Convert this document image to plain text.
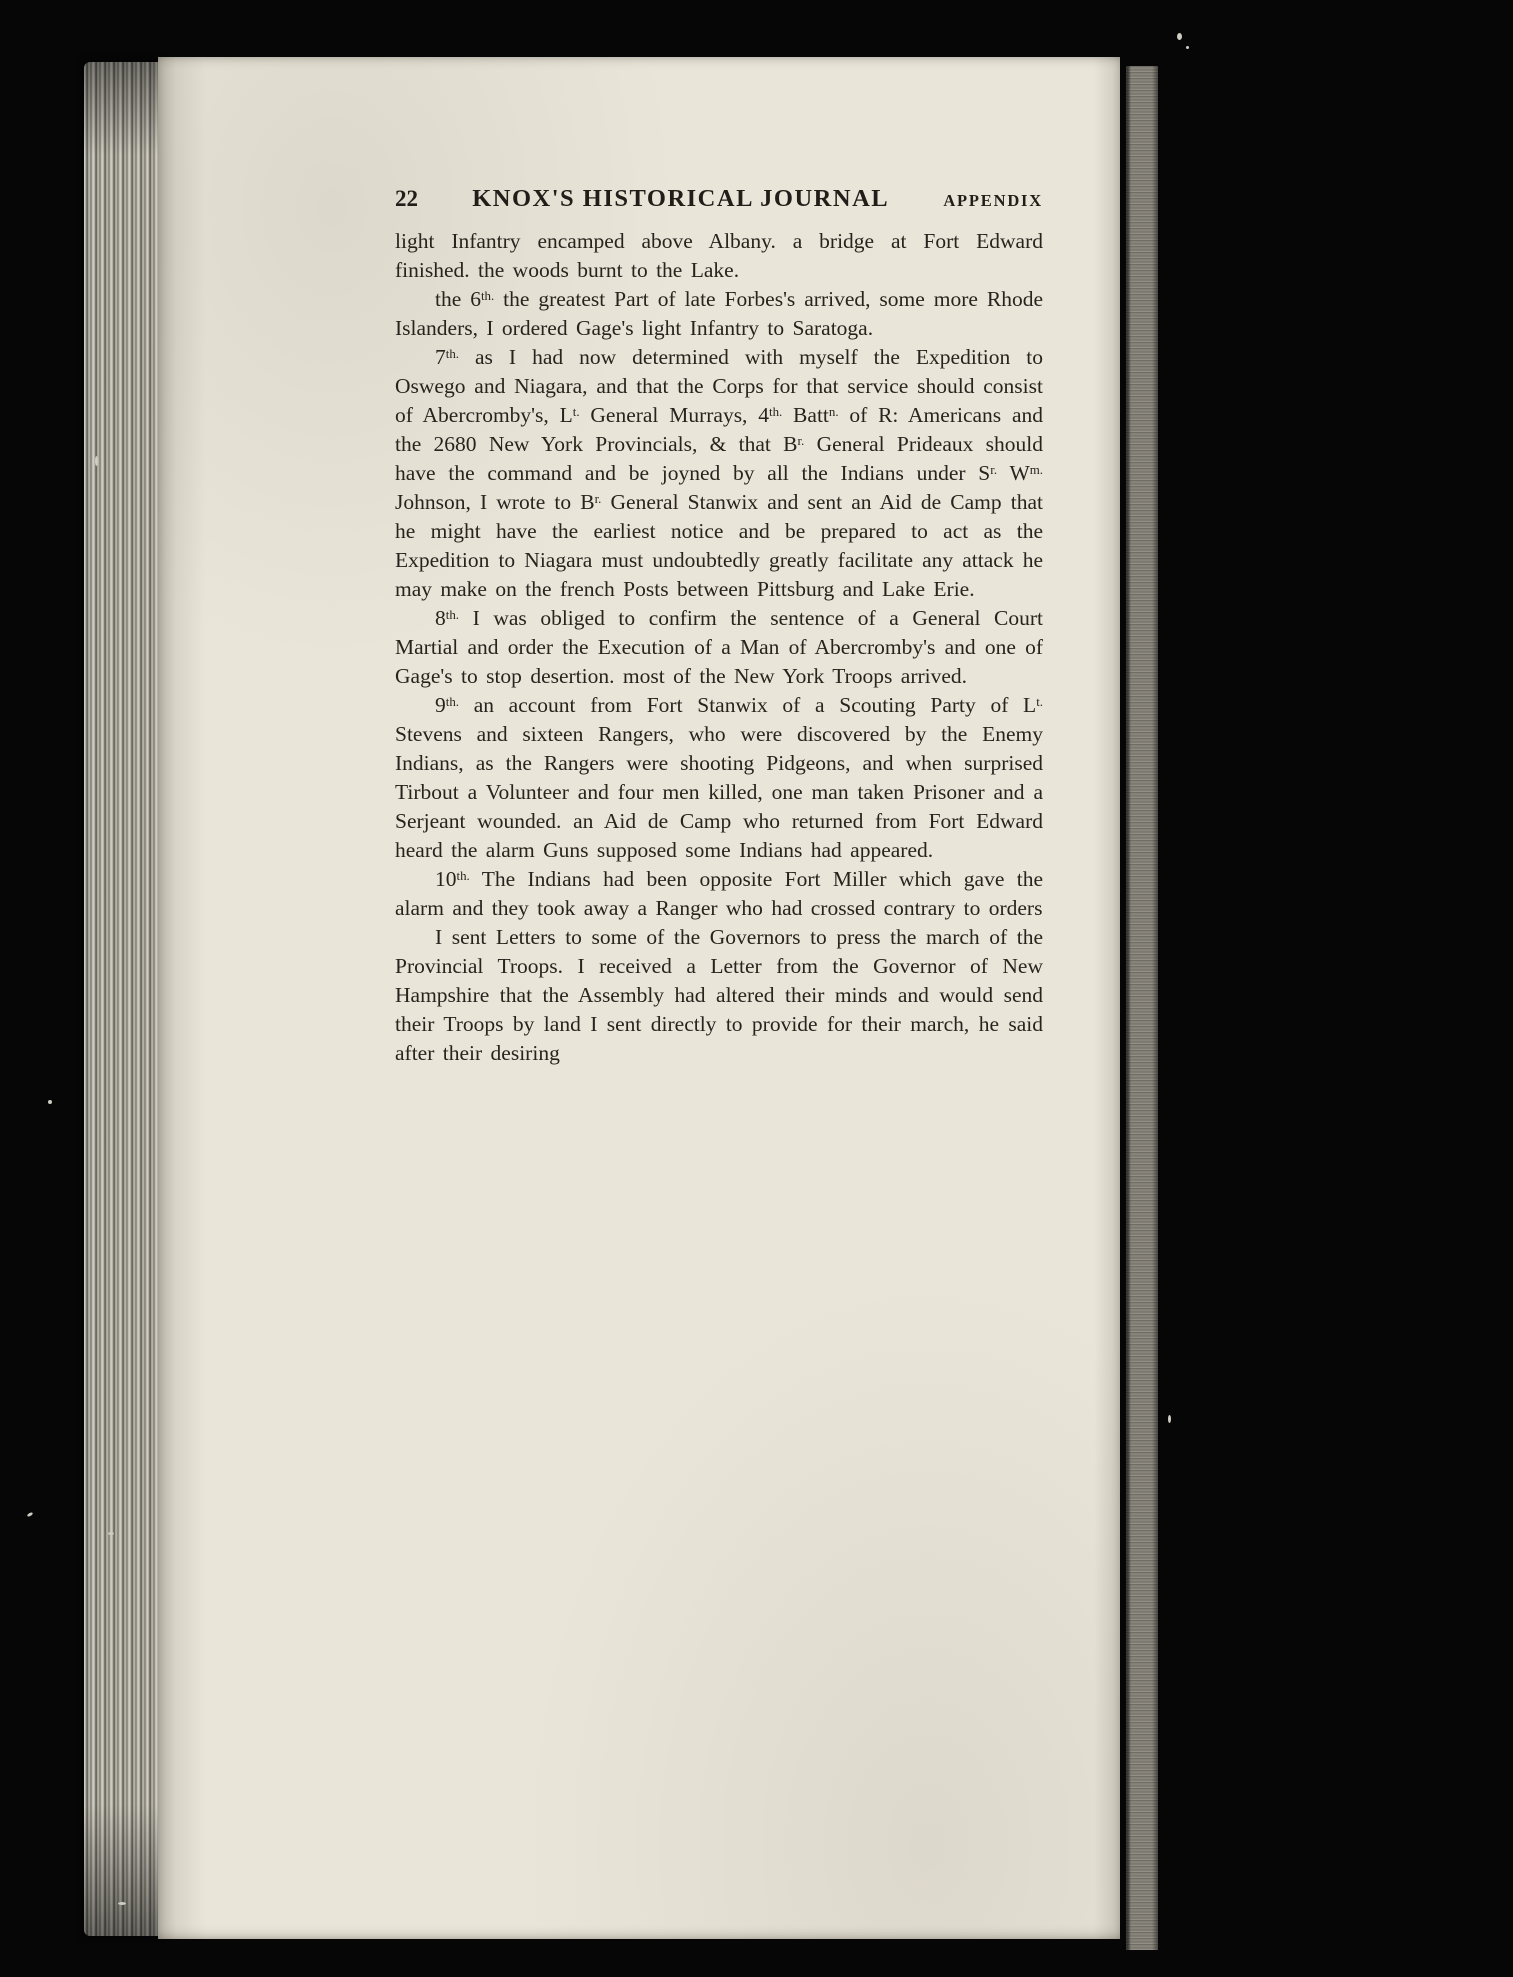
22 KNOX'S HISTORICAL JOURNAL	APPENDIX

light Infantry encamped above Albany. a bridge at Fort Edward finished. the woods burnt to the Lake.

the $6^{th.}$ the greatest Part of late Forbes's arrived, some more Rhode Islanders, I ordered Gage's light Infantry to Saratoga.

$7^{th.}$ as I had now determined with myself the Expedition to Oswego and Niagara, and that the Corps for that service should consist of Abercromby's, $L^{t.}$ General Murrays, $4^{th.}$ Batt$^{n.}$ of R: Americans and the 2680 New York Provincials, & that $B^{r.}$ General Prideaux should have the command and be joyned by all the Indians under $S^{r.}$ $W^{m.}$ Johnson, I wrote to $B^{r.}$ General Stanwix and sent an Aid de Camp that he might have the earliest notice and be prepared to act as the Expedition to Niagara must undoubtedly greatly facilitate any attack he may make on the french Posts between Pittsburg and Lake Erie.

$8^{th.}$ I was obliged to confirm the sentence of a General Court Martial and order the Execution of a Man of Abercromby's and one of Gage's to stop desertion. most of the New York Troops arrived.

$9^{th.}$ an account from Fort Stanwix of a Scouting Party of $L^{t.}$ Stevens and sixteen Rangers, who were discovered by the Enemy Indians, as the Rangers were shooting Pidgeons, and when surprised Tirbout a Volunteer and four men killed, one man taken Prisoner and a Serjeant wounded. an Aid de Camp who returned from Fort Edward heard the alarm Guns supposed some Indians had appeared.

$10^{th.}$ The Indians had been opposite Fort Miller which gave the alarm and they took away a Ranger who had crossed contrary to orders

I sent Letters to some of the Governors to press the march of the Provincial Troops. I received a Letter from the Governor of New Hampshire that the Assembly had altered their minds and would send their Troops by land I sent directly to provide for their march, he said after their desiring
